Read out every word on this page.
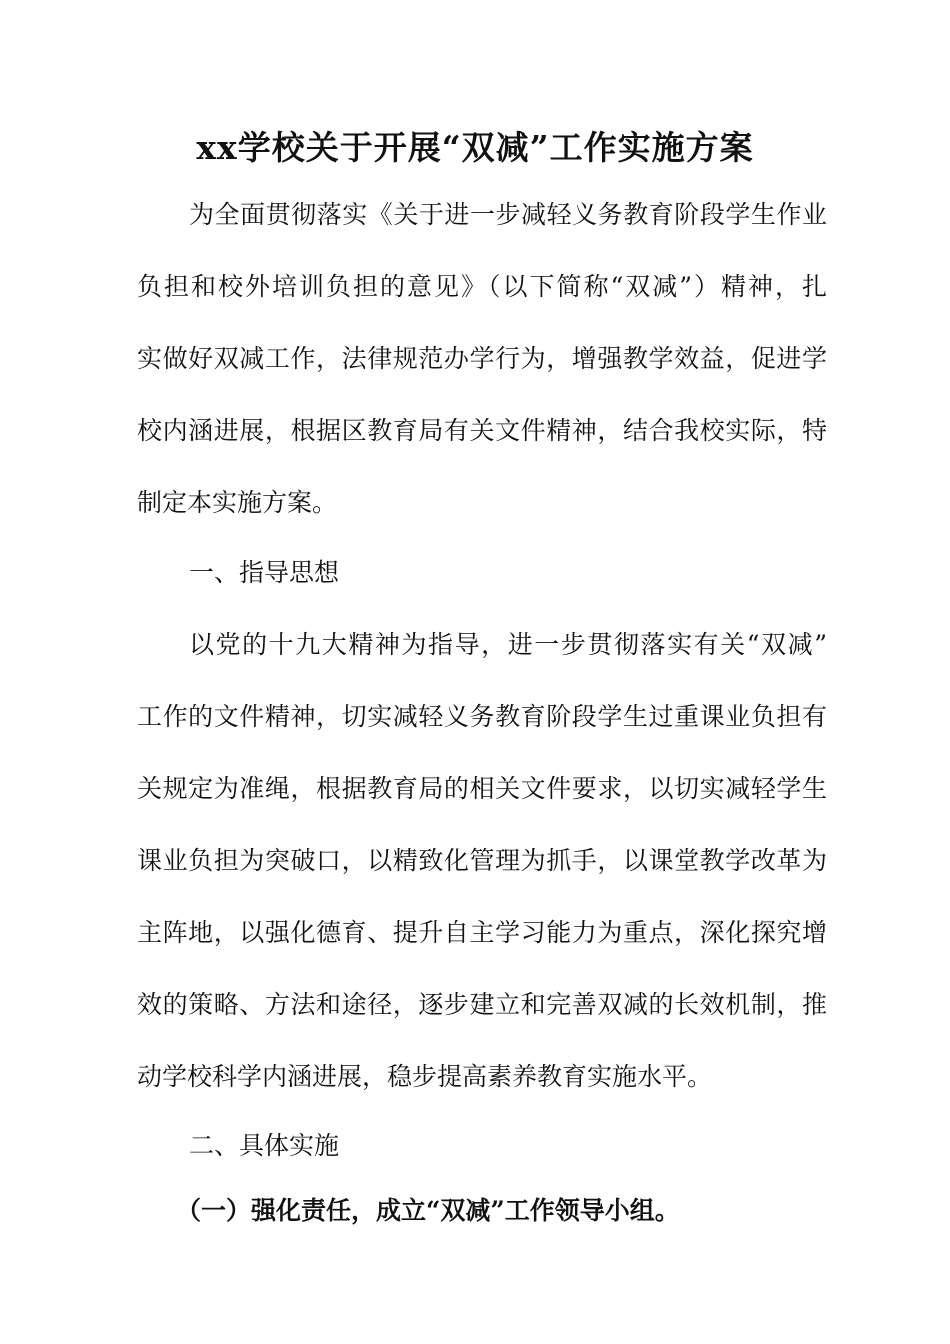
xx学校关于开展“双减”工作实施方案
为全面贯彻落实《关于进一步减轻义务教育阶段学生作业
负担和校外培训负担的意见》（以下简称“双减”）精神，扎
实做好双减工作，法律规范办学行为，增强教学效益，促进学
校内涵进展，根据区教育局有关文件精神，结合我校实际，特
制定本实施方案。
一、指导思想
以党的十九大精神为指导，进一步贯彻落实有关“双减”
工作的文件精神，切实减轻义务教育阶段学生过重课业负担有
关规定为准绳，根据教育局的相关文件要求，以切实减轻学生
课业负担为突破口，以精致化管理为抓手，以课堂教学改革为
主阵地，以强化德育、提升自主学习能力为重点，深化探究增
效的策略、方法和途径，逐步建立和完善双减的长效机制，推
动学校科学内涵进展，稳步提高素养教育实施水平。
二、具体实施
（一）强化责任，成立“双减”工作领导小组。
